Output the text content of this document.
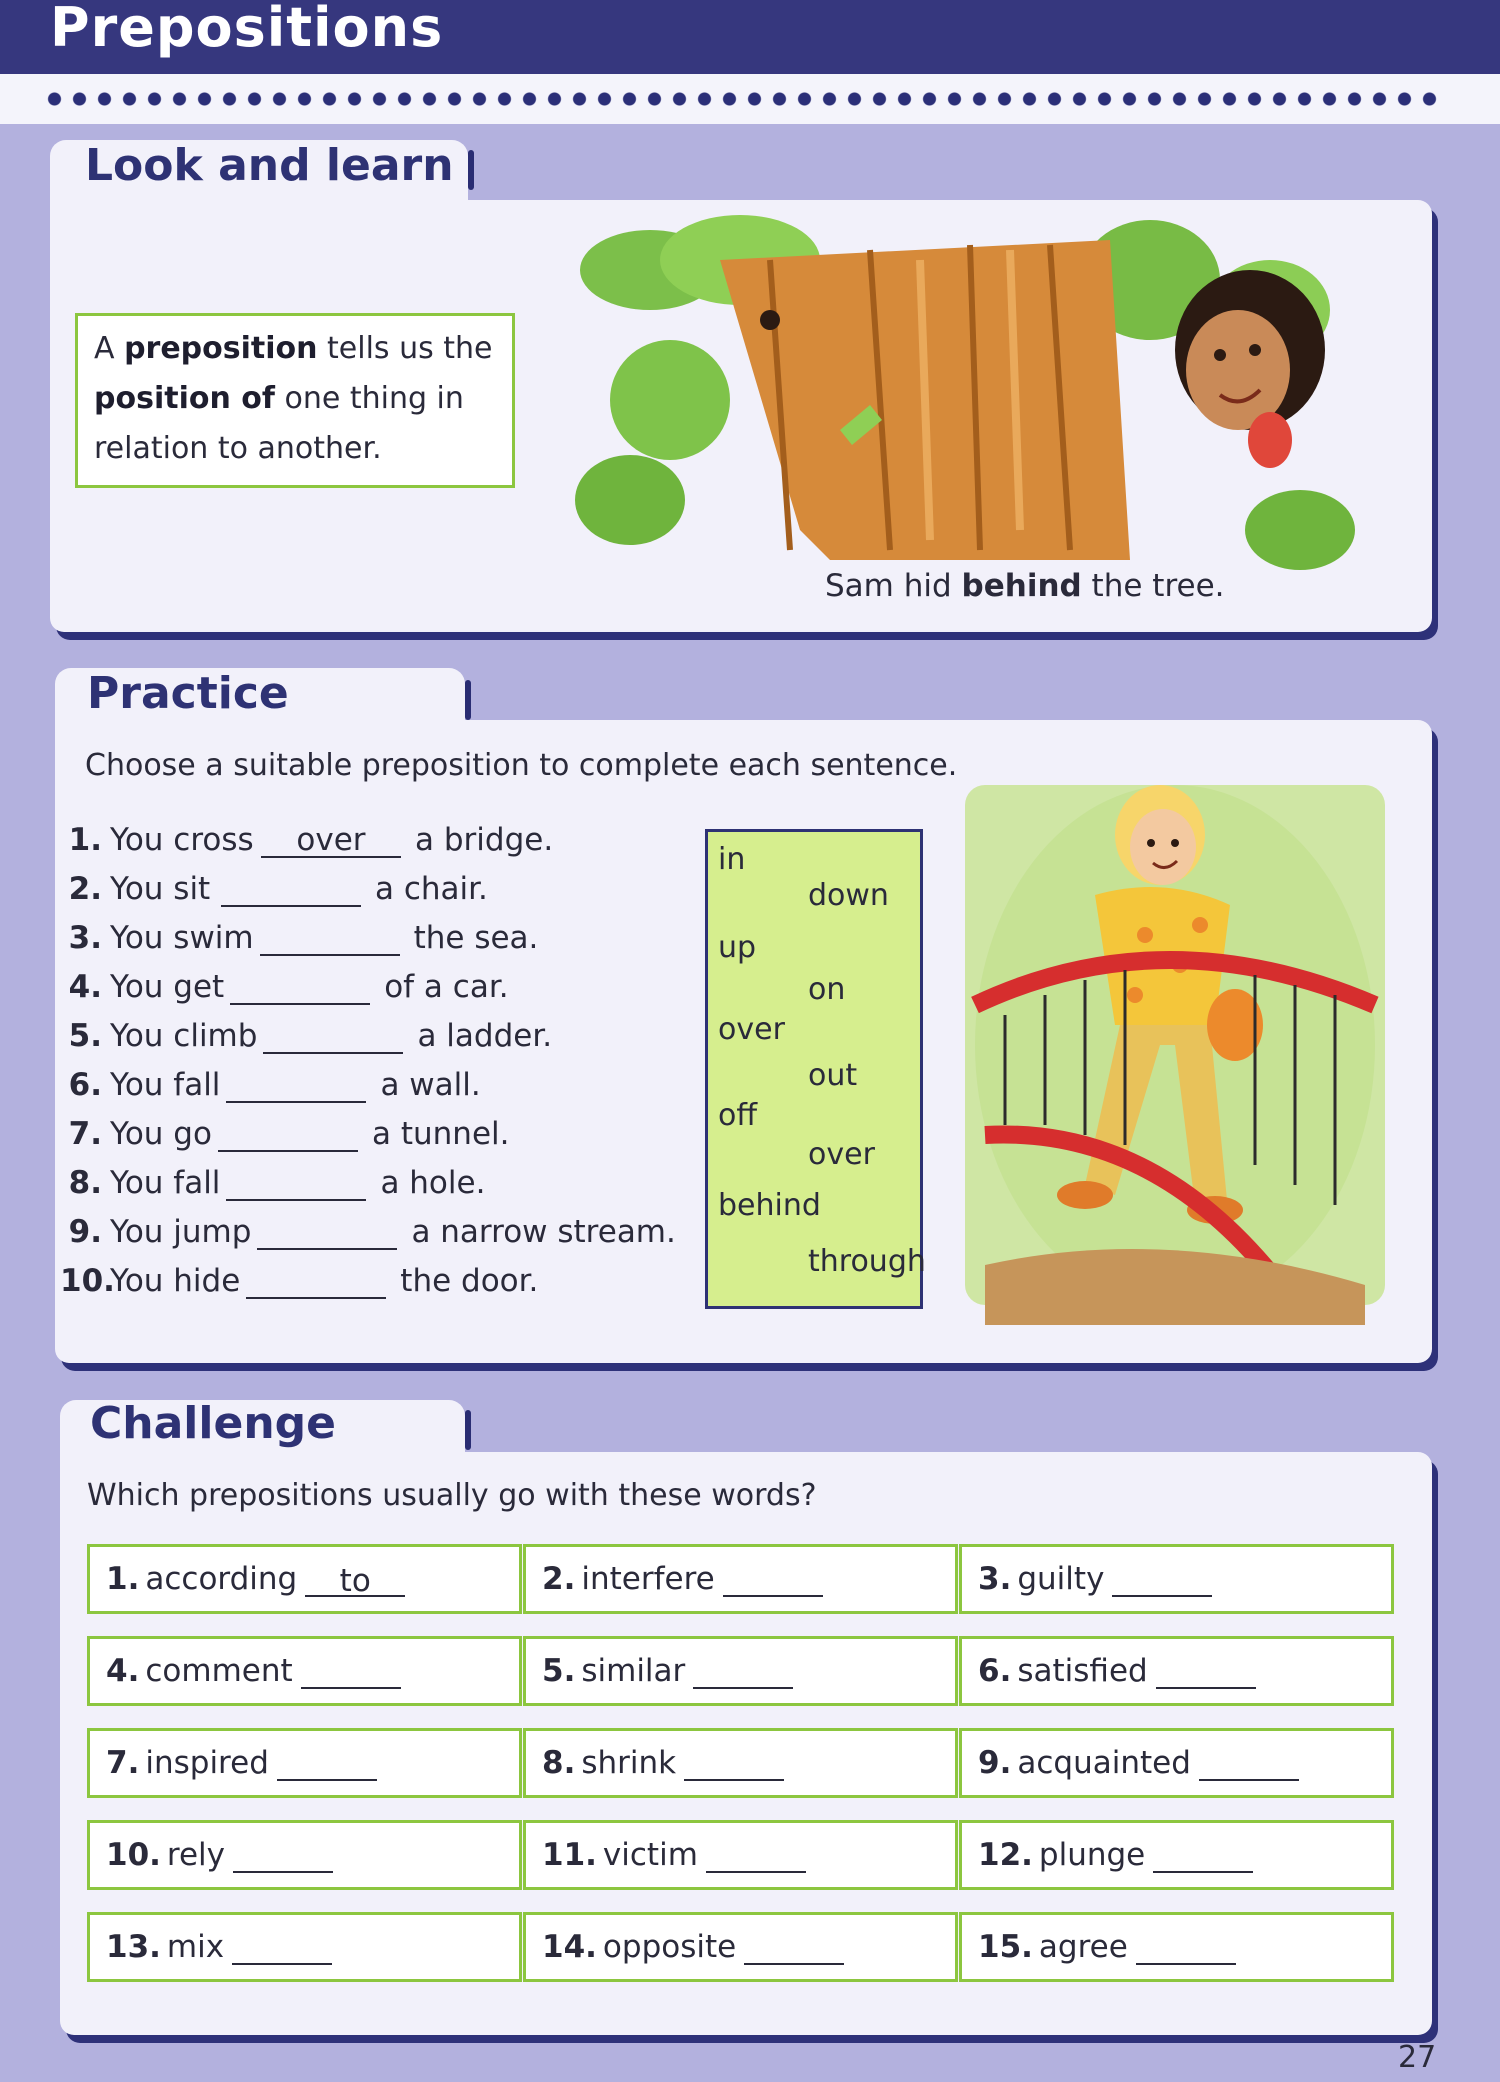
Prepositions
Look and learn
A preposition tells us the position of one thing in relation to another.
Sam hid behind the tree.
Practice
Choose a suitable preposition to complete each sentence.
1. You cross over a bridge.
2. You sit	a chair.
3. You swim	the sea.
4. You get	of a car.
5. You climb	a ladder.
6. You fall	a wall.
7. You go	a tunnel.
8. You fall	a hole.
9. You jump	a narrow stream.
10.You hide	the door.
in
down
up
on
over
out
off
over
behind
through
Challenge
Which prepositions usually go with these words?
1. according to	2. interfere	3. guilty
4. comment	5. similar	6. satisfied
7. inspired	8. shrink	9. acquainted
10. rely	11. victim	12. plunge
13. mix	14. opposite	15. agree
27
